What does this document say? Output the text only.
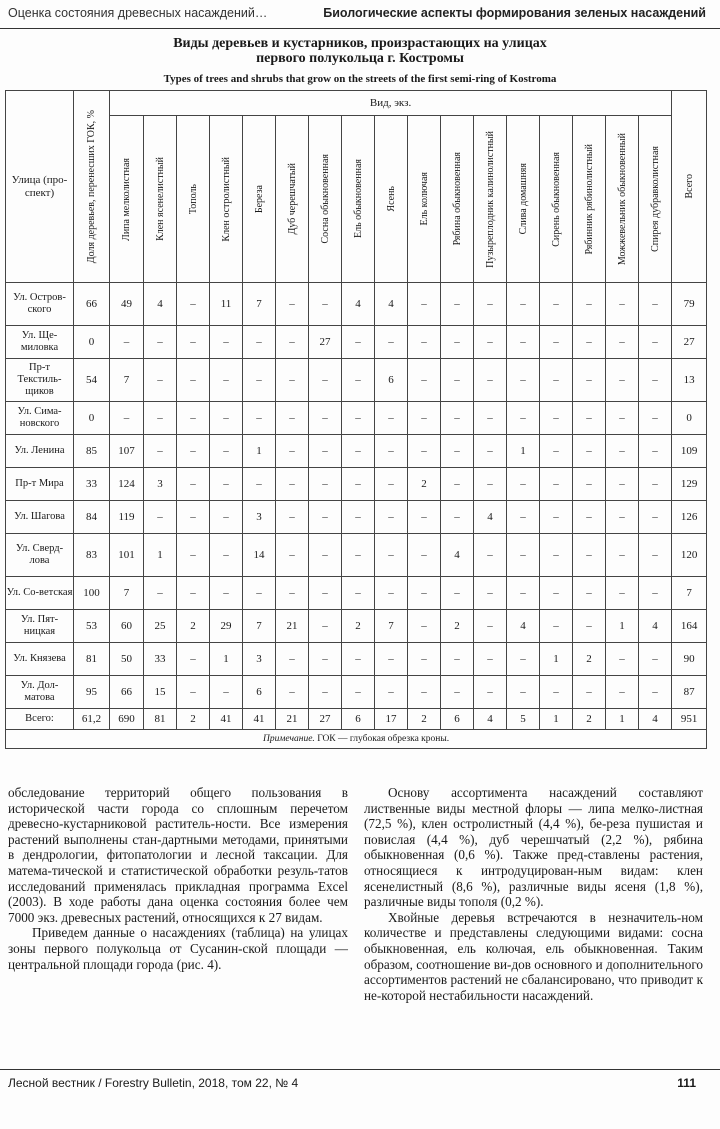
Оценка состояния древесных насаждений…	Биологические аспекты формирования зеленых насаждений
Виды деревьев и кустарников, произрастающих на улицах
первого полукольца г. Костромы
Types of trees and shrubs that grow on the streets of the first semi-ring of Kostroma
Улица (про-спект)	Доля деревьев, перенесших ГОК, %	Вид, экз.																	Всего

		Липа мелколистная	Клен ясенелистный	Тополь	Клен остролистный	Береза	Дуб черешчатый	Сосна обыкновенная	Ель обыкновенная	Ясень	Ель колючая	Рябина обыкновенная	Пузыреплодник калинолистный	Слива домашняя	Сирень обыкновенная	Рябинник рябинолистный	Можжевельник обыкновенный	Спирея дубравколистная	

Ул. Остров-ского	66	49	4	–	11	7	–	–	4	4	–	–	–	–	–	–	–	–	79
Ул. Ще-миловка	0	–	–	–	–	–	–	27	–	–	–	–	–	–	–	–	–	–	27
Пр-т Текстиль-щиков	54	7	–	–	–	–	–	–	–	6	–	–	–	–	–	–	–	–	13
Ул. Сима-новского	0	–	–	–	–	–	–	–	–	–	–	–	–	–	–	–	–	–	0
Ул. Ленина	85	107	–	–	–	1	–	–	–	–	–	–	–	1	–	–	–	–	109
Пр-т Мира	33	124	3	–	–	–	–	–	–	–	2	–	–	–	–	–	–	–	129
Ул. Шагова	84	119	–	–	–	3	–	–	–	–	–	–	4	–	–	–	–	–	126
Ул. Сверд-лова	83	101	1	–	–	14	–	–	–	–	–	4	–	–	–	–	–	–	120
Ул. Со-ветская	100	7	–	–	–	–	–	–	–	–	–	–	–	–	–	–	–	–	7
Ул. Пят-ницкая	53	60	25	2	29	7	21	–	2	7	–	2	–	4	–	–	1	4	164
Ул. Князева	81	50	33	–	1	3	–	–	–	–	–	–	–	–	1	2	–	–	90
Ул. Дол-матова	95	66	15	–	–	6	–	–	–	–	–	–	–	–	–	–	–	–	87
Всего:	61,2	690	81	2	41	41	21	27	6	17	2	6	4	5	1	2	1	4	951
Примечание. ГОК — глубокая обрезка кроны.																			

обследование территорий общего пользования в исторической части города со сплошным перечетом древесно-кустарниковой раститель-ности. Все измерения растений выполнены стан-дартными методами, принятыми в дендрологии, фитопатологии и лесной таксации. Для матема-тической и статистической обработки резуль-татов исследований применялась прикладная программа Excel (2003). В ходе работы дана оценка состояния более чем 7000 экз. древесных растений, относящихся к 27 видам.

Приведем данные о насаждениях (таблица) на улицах зоны первого полукольца от Сусанин-ской площади — центральной площади города (рис. 4).

Основу ассортимента насаждений составляют лиственные виды местной флоры — липа мелко-листная (72,5 %), клен остролистный (4,4 %), бе-реза пушистая и повислая (4,4 %), дуб черешчатый (2,2 %), рябина обыкновенная (0,6 %). Также пред-ставлены растения, относящиеся к интродуцирован-ным видам: клен ясенелистный (8,6 %), различные виды ясеня (1,8 %), различные виды тополя (0,2 %).

Хвойные деревья встречаются в незначитель-ном количестве и представлены следующими видами: сосна обыкновенная, ель колючая, ель обыкновенная. Таким образом, соотношение ви-дов основного и дополнительного ассортиментов растений не сбалансировано, что приводит к не-которой нестабильности насаждений.

Лесной вестник / Forestry Bulletin, 2018, том 22, № 4	111
